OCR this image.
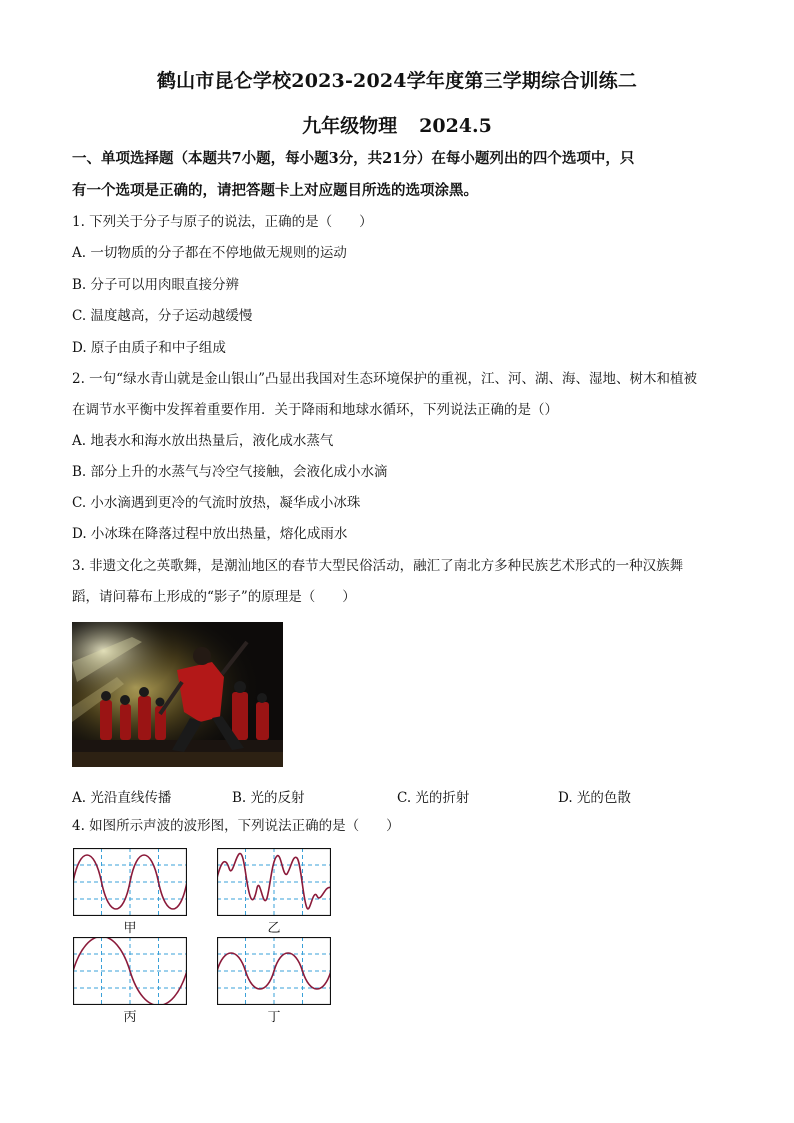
鹤山市昆仑学校2023-2024学年度第三学期综合训练二
九年级物理 2024.5
一、单项选择题（本题共7小题，每小题3分，共21分）在每小题列出的四个选项中，只
有一个选项是正确的，请把答题卡上对应题目所选的选项涂黑。
1. 下列关于分子与原子的说法，正确的是（　　）
A. 一切物质的分子都在不停地做无规则的运动
B. 分子可以用肉眼直接分辨
C. 温度越高，分子运动越缓慢
D. 原子由质子和中子组成
2. 一句“绿水青山就是金山银山”凸显出我国对生态环境保护的重视，江、河、湖、海、湿地、树木和植被
在调节水平衡中发挥着重要作用．关于降雨和地球水循环，下列说法正确的是（）
A. 地表水和海水放出热量后，液化成水蒸气
B. 部分上升的水蒸气与冷空气接触，会液化成小水滴
C. 小水滴遇到更冷的气流时放热，凝华成小冰珠
D. 小冰珠在降落过程中放出热量，熔化成雨水
3. 非遗文化之英歌舞，是潮汕地区的春节大型民俗活动，融汇了南北方多种民族艺术形式的一种汉族舞
蹈，请问幕布上形成的“影子”的原理是（　　）
A. 光沿直线传播	B. 光的反射	C. 光的折射	D. 光的色散
4. 如图所示声波的波形图，下列说法正确的是（　　）
甲	乙
丙	丁
